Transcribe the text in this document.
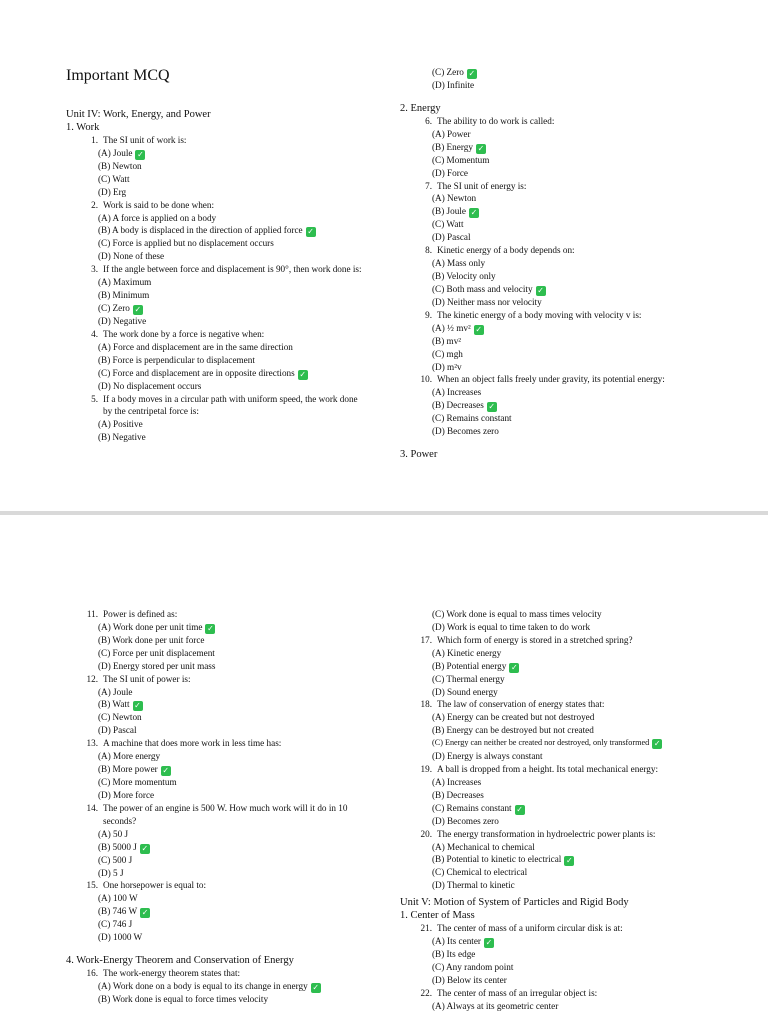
Important MCQ
Unit IV: Work, Energy, and Power
1. Work
1. The SI unit of work is:
(A) Joule ✓
(B) Newton
(C) Watt
(D) Erg
2. Work is said to be done when:
(A) A force is applied on a body
(B) A body is displaced in the direction of applied force ✓
(C) Force is applied but no displacement occurs
(D) None of these
3. If the angle between force and displacement is 90°, then work done is:
(A) Maximum
(B) Minimum
(C) Zero ✓
(D) Negative
4. The work done by a force is negative when:
(A) Force and displacement are in the same direction
(B) Force is perpendicular to displacement
(C) Force and displacement are in opposite directions ✓
(D) No displacement occurs
5. If a body moves in a circular path with uniform speed, the work done by the centripetal force is:
(A) Positive
(B) Negative
(C) Zero ✓
(D) Infinite
2. Energy
6. The ability to do work is called:
(A) Power
(B) Energy ✓
(C) Momentum
(D) Force
7. The SI unit of energy is:
(A) Newton
(B) Joule ✓
(C) Watt
(D) Pascal
8. Kinetic energy of a body depends on:
(A) Mass only
(B) Velocity only
(C) Both mass and velocity ✓
(D) Neither mass nor velocity
9. The kinetic energy of a body moving with velocity v is:
(A) ½ mv² ✓
(B) mv²
(C) mgh
(D) m²v
10. When an object falls freely under gravity, its potential energy:
(A) Increases
(B) Decreases ✓
(C) Remains constant
(D) Becomes zero
3. Power
11. Power is defined as:
(A) Work done per unit time ✓
(B) Work done per unit force
(C) Force per unit displacement
(D) Energy stored per unit mass
12. The SI unit of power is:
(A) Joule
(B) Watt ✓
(C) Newton
(D) Pascal
13. A machine that does more work in less time has:
(A) More energy
(B) More power ✓
(C) More momentum
(D) More force
14. The power of an engine is 500 W. How much work will it do in 10 seconds?
(A) 50 J
(B) 5000 J ✓
(C) 500 J
(D) 5 J
15. One horsepower is equal to:
(A) 100 W
(B) 746 W ✓
(C) 746 J
(D) 1000 W
4. Work-Energy Theorem and Conservation of Energy
16. The work-energy theorem states that:
(A) Work done on a body is equal to its change in energy ✓
(B) Work done is equal to force times velocity
(C) Work done is equal to mass times velocity
(D) Work is equal to time taken to do work
17. Which form of energy is stored in a stretched spring?
(A) Kinetic energy
(B) Potential energy ✓
(C) Thermal energy
(D) Sound energy
18. The law of conservation of energy states that:
(A) Energy can be created but not destroyed
(B) Energy can be destroyed but not created
(C) Energy can neither be created nor destroyed, only transformed ✓
(D) Energy is always constant
19. A ball is dropped from a height. Its total mechanical energy:
(A) Increases
(B) Decreases
(C) Remains constant ✓
(D) Becomes zero
20. The energy transformation in hydroelectric power plants is:
(A) Mechanical to chemical
(B) Potential to kinetic to electrical ✓
(C) Chemical to electrical
(D) Thermal to kinetic
Unit V: Motion of System of Particles and Rigid Body
1. Center of Mass
21. The center of mass of a uniform circular disk is at:
(A) Its center ✓
(B) Its edge
(C) Any random point
(D) Below its center
22. The center of mass of an irregular object is:
(A) Always at its geometric center
